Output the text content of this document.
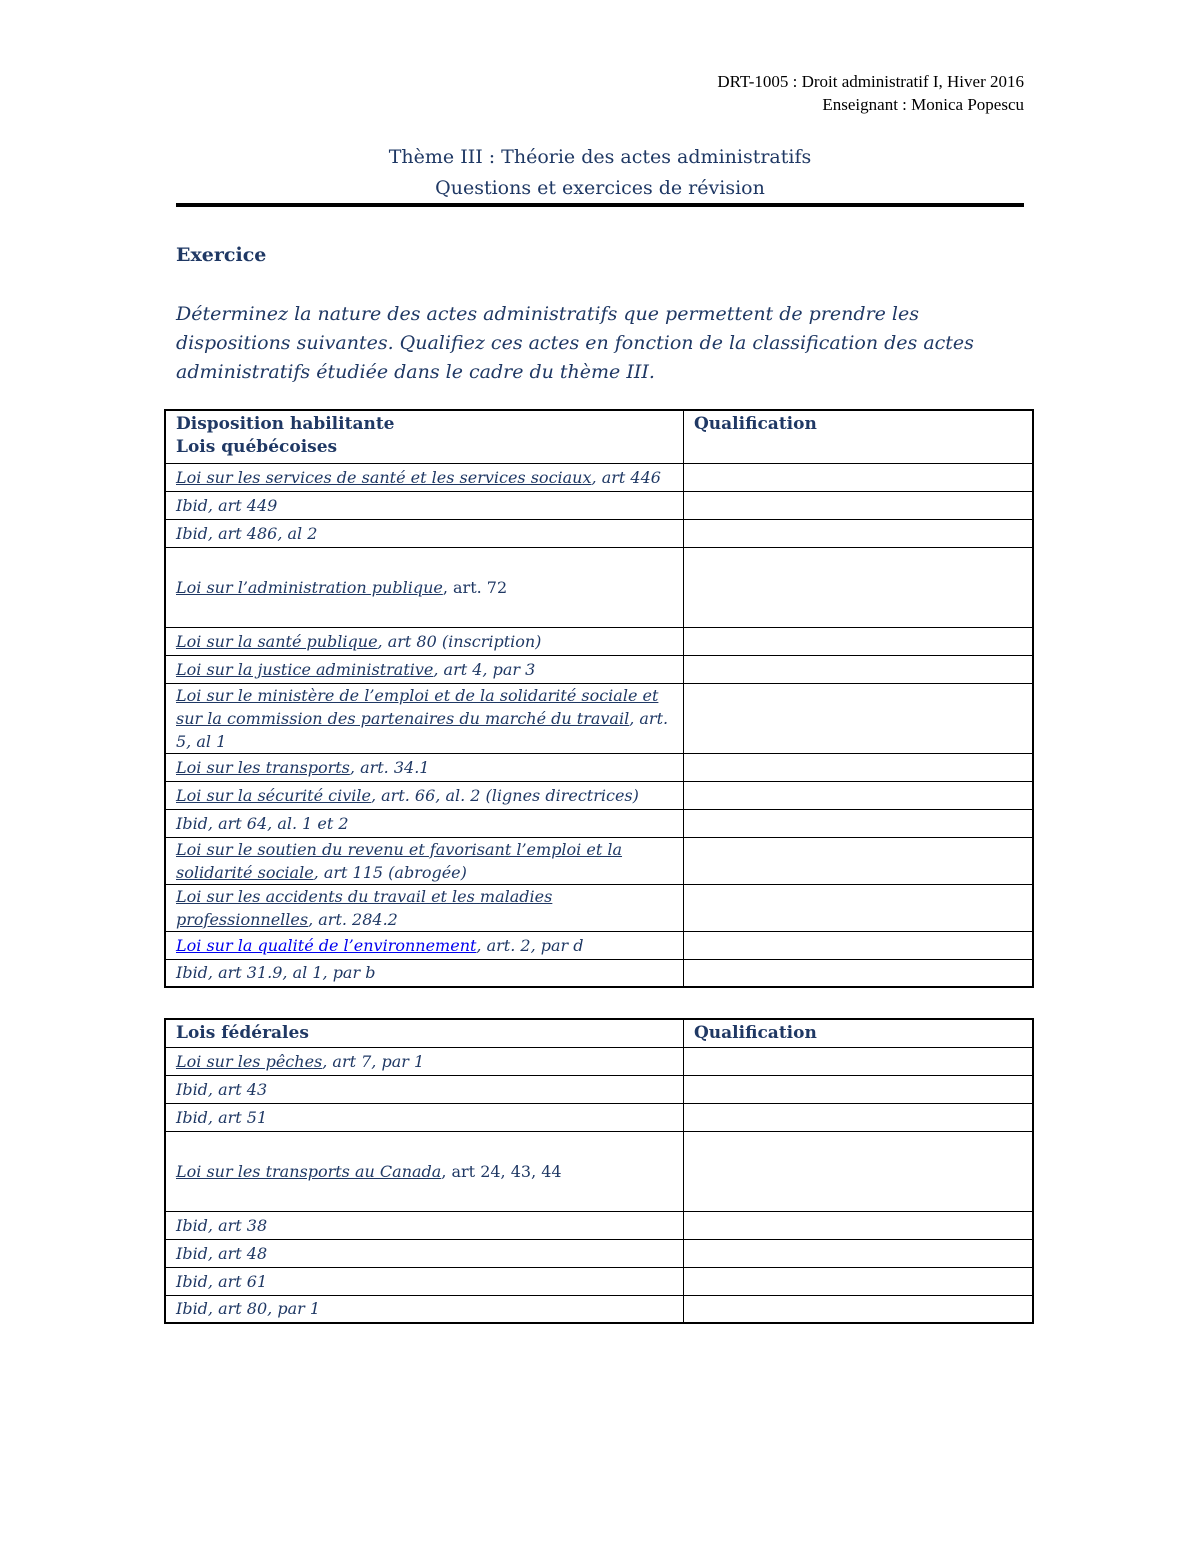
DRT-1005 : Droit administratif I, Hiver 2016
Enseignant : Monica Popescu
Thème III : Théorie des actes administratifs
Questions et exercices de révision
Exercice
Déterminez la nature des actes administratifs que permettent de prendre les dispositions suivantes. Qualifiez ces actes en fonction de la classification des actes administratifs étudiée dans le cadre du thème III.
Disposition habilitante
Lois québécoises	Qualification
Loi sur les services de santé et les services sociaux, art 446	
Ibid, art 449	
Ibid, art 486, al 2	
Loi sur l’administration publique, art. 72	
Loi sur la santé publique, art 80 (inscription)	
Loi sur la justice administrative, art 4, par 3	
Loi sur le ministère de l’emploi et de la solidarité sociale et sur la commission des partenaires du marché du travail, art. 5, al 1	
Loi sur les transports, art. 34.1	
Loi sur la sécurité civile, art. 66, al. 2 (lignes directrices)	
Ibid, art 64, al. 1 et 2	
Loi sur le soutien du revenu et favorisant l’emploi et la solidarité sociale, art 115 (abrogée)	
Loi sur les accidents du travail et les maladies professionnelles, art. 284.2	
Loi sur la qualité de l’environnement, art. 2, par d	
Ibid, art 31.9, al 1, par b	
Lois fédérales	Qualification
Loi sur les pêches, art 7, par 1	
Ibid, art 43	
Ibid, art 51	
Loi sur les transports au Canada, art 24, 43, 44	
Ibid, art 38	
Ibid, art 48	
Ibid, art 61	
Ibid, art 80, par 1	
